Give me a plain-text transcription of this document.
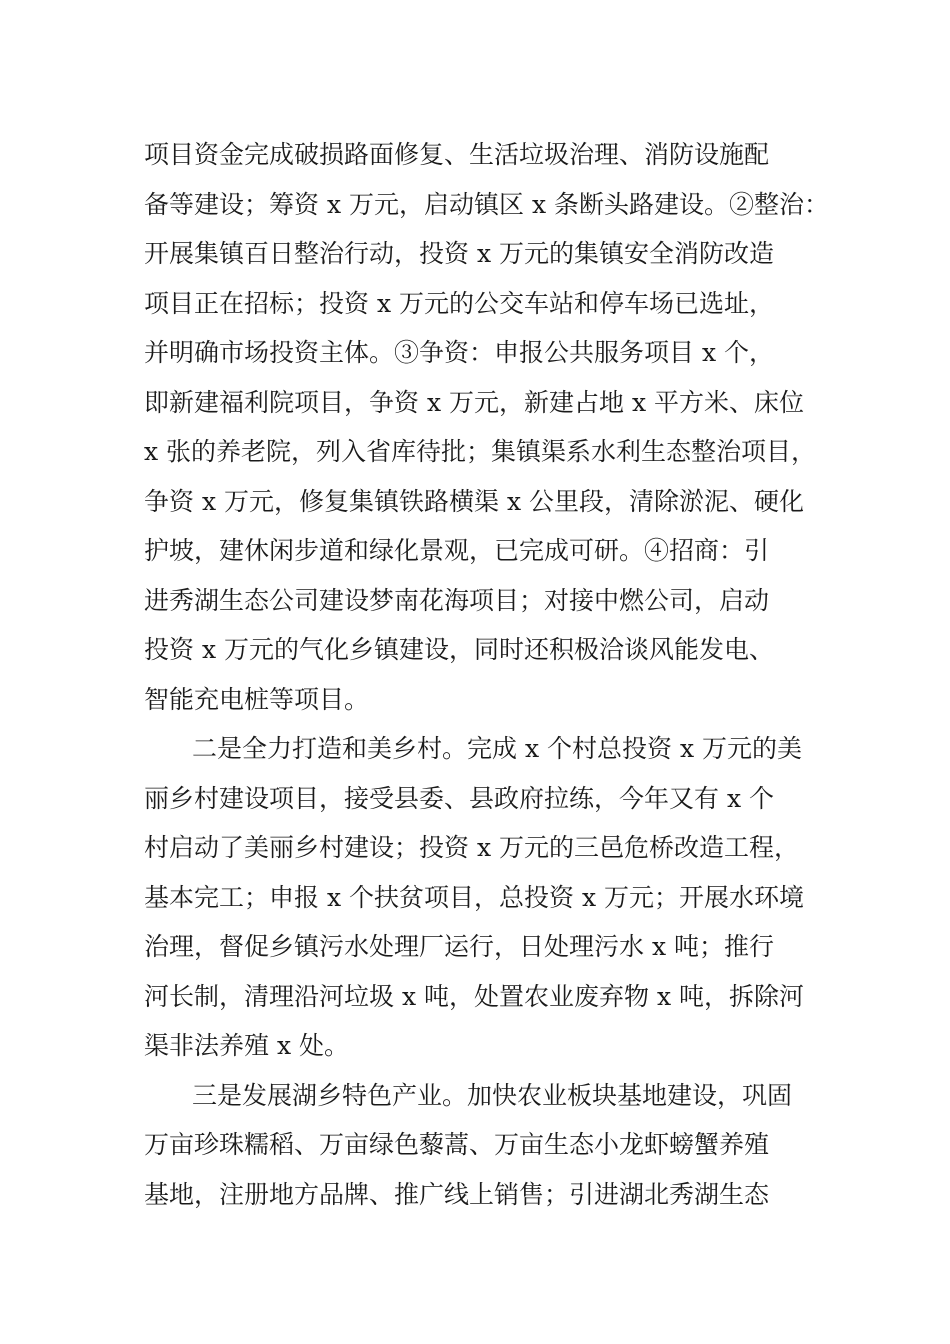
项目资金完成破损路面修复、生活垃圾治理、消防设施配
备等建设；筹资 x 万元，启动镇区 x 条断头路建设。②整治：
开展集镇百日整治行动，投资 x 万元的集镇安全消防改造
项目正在招标；投资 x 万元的公交车站和停车场已选址，
并明确市场投资主体。③争资：申报公共服务项目 x 个，
即新建福利院项目，争资 x 万元，新建占地 x 平方米、床位
x 张的养老院，列入省库待批；集镇渠系水利生态整治项目，
争资 x 万元，修复集镇铁路横渠 x 公里段，清除淤泥、硬化
护坡，建休闲步道和绿化景观，已完成可研。④招商：引
进秀湖生态公司建设梦南花海项目；对接中燃公司，启动
投资 x 万元的气化乡镇建设，同时还积极洽谈风能发电、
智能充电桩等项目。
二是全力打造和美乡村。完成 x 个村总投资 x 万元的美
丽乡村建设项目，接受县委、县政府拉练，今年又有 x 个
村启动了美丽乡村建设；投资 x 万元的三邑危桥改造工程，
基本完工；申报 x 个扶贫项目，总投资 x 万元；开展水环境
治理，督促乡镇污水处理厂运行，日处理污水 x 吨；推行
河长制，清理沿河垃圾 x 吨，处置农业废弃物 x 吨，拆除河
渠非法养殖 x 处。
三是发展湖乡特色产业。加快农业板块基地建设，巩固
万亩珍珠糯稻、万亩绿色藜蒿、万亩生态小龙虾螃蟹养殖
基地，注册地方品牌、推广线上销售；引进湖北秀湖生态
